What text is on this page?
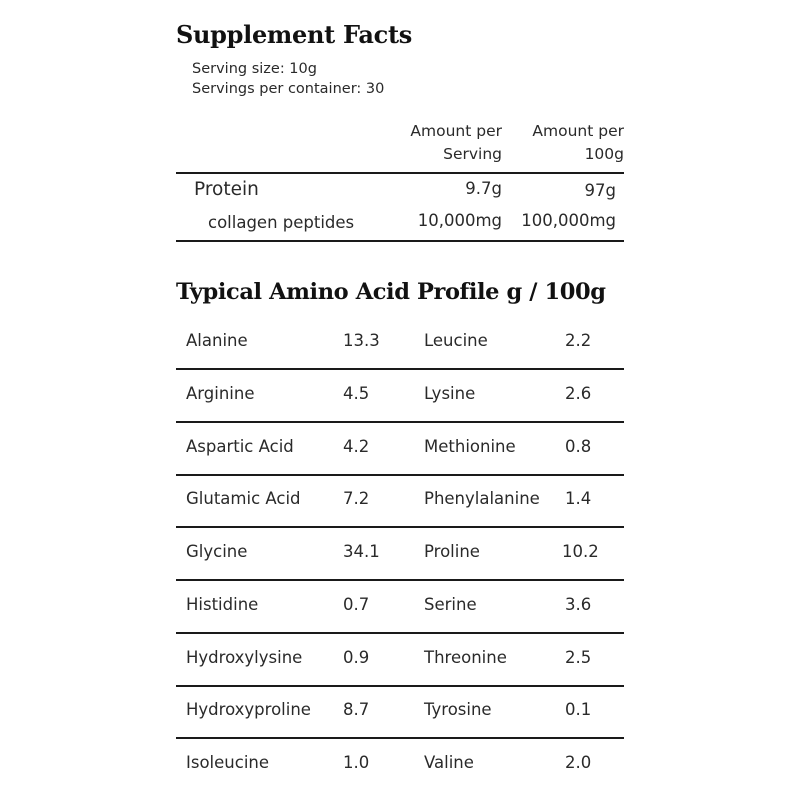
Supplement Facts
Serving size: 10g
Servings per container: 30
Amount per
Serving
Amount per
100g
Protein	9.7g	97g
collagen peptides	10,000mg	100,000mg
Typical Amino Acid Profile g / 100g
Alanine	13.3	Leucine	2.2
Arginine	4.5	Lysine	2.6
Aspartic Acid	4.2	Methionine	0.8
Glutamic Acid	7.2	Phenylalanine 1.4
Glycine	34.1	Proline	10.2
Histidine	0.7	Serine	3.6
Hydroxylysine 0.9	Threonine	2.5
Hydroxyproline 8.7	Tyrosine	0.1
Isoleucine	1.0	Valine	2.0
